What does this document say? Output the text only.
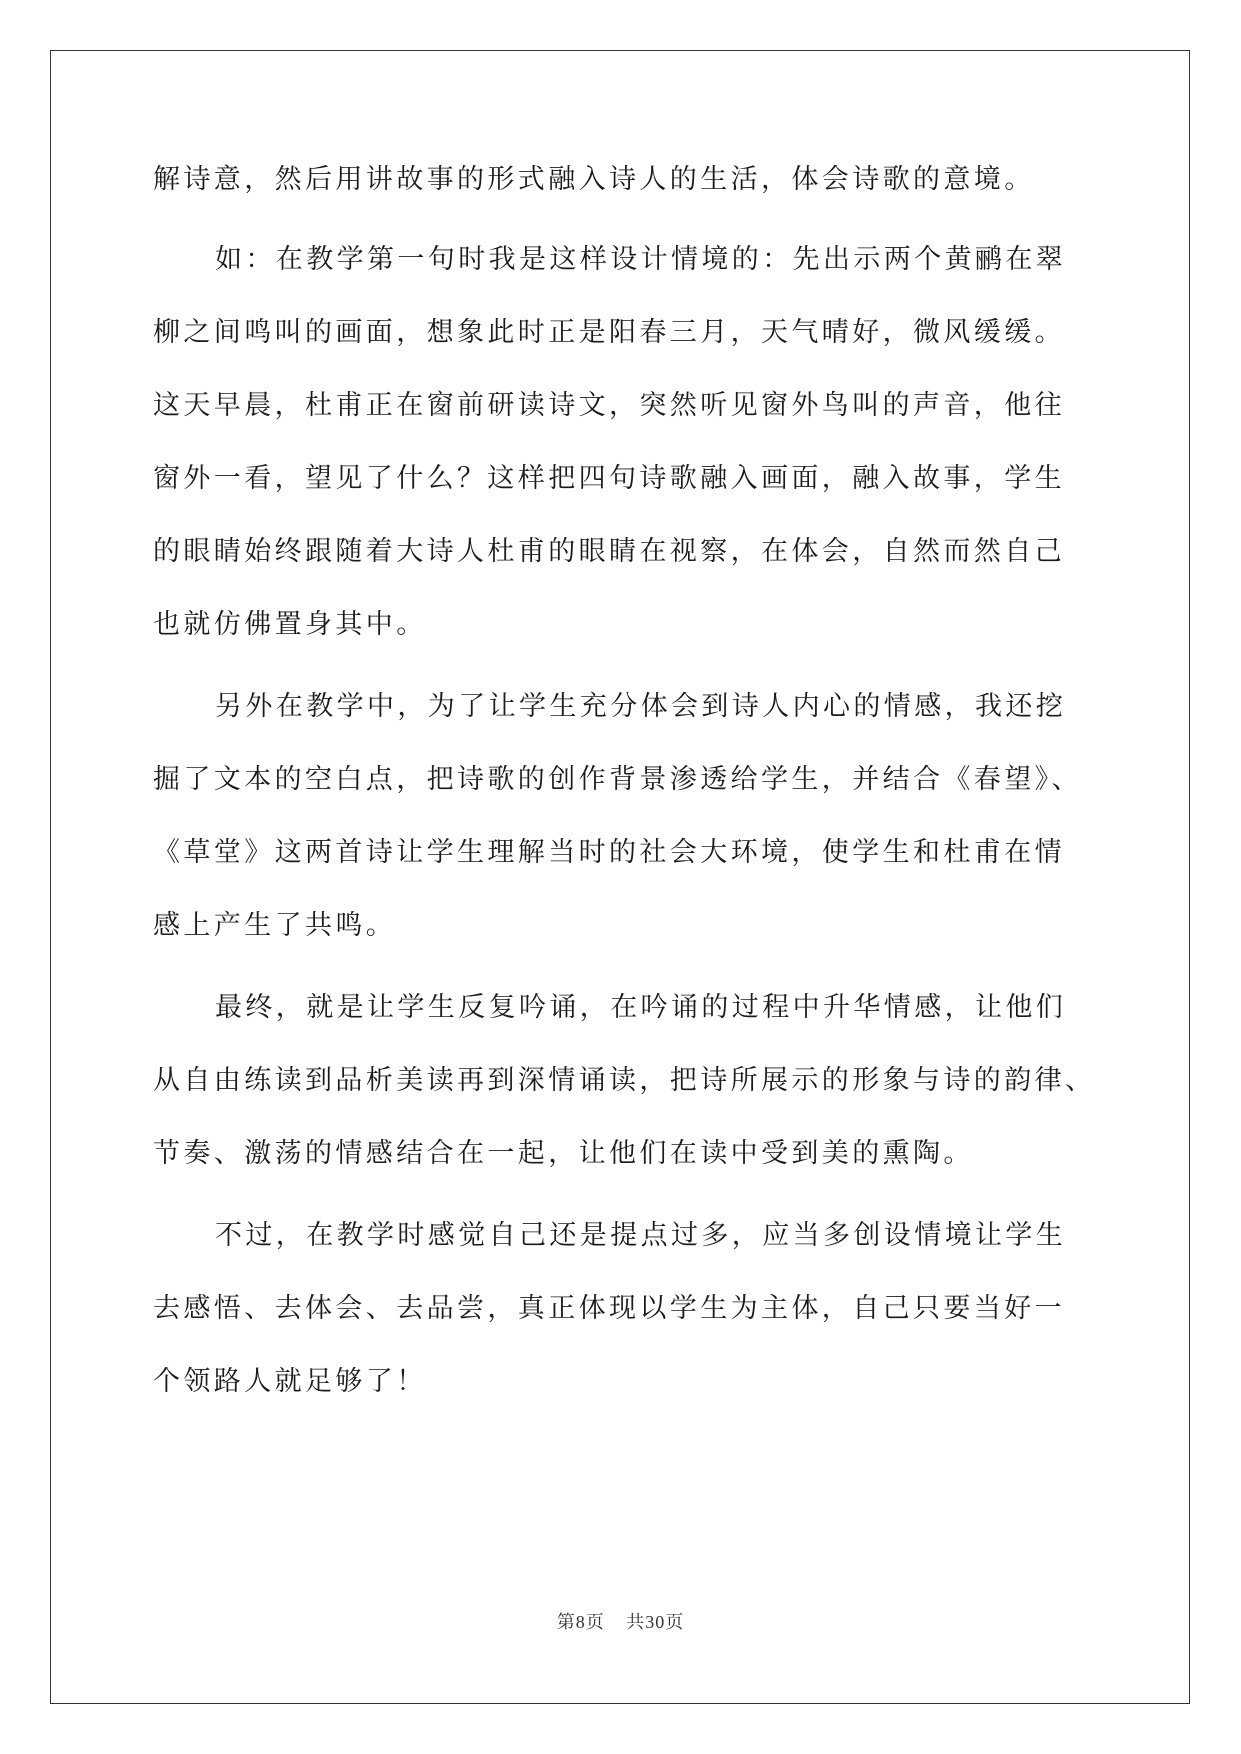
解诗意，然后用讲故事的形式融入诗人的生活，体会诗歌的意境。
如：在教学第一句时我是这样设计情境的：先出示两个黄鹂在翠
柳之间鸣叫的画面，想象此时正是阳春三月，天气晴好，微风缓缓。
这天早晨，杜甫正在窗前研读诗文，突然听见窗外鸟叫的声音，他往
窗外一看，望见了什么？这样把四句诗歌融入画面，融入故事，学生
的眼睛始终跟随着大诗人杜甫的眼睛在视察，在体会，自然而然自己
也就仿佛置身其中。
另外在教学中，为了让学生充分体会到诗人内心的情感，我还挖
掘了文本的空白点，把诗歌的创作背景渗透给学生，并结合《春望》、
《草堂》这两首诗让学生理解当时的社会大环境，使学生和杜甫在情
感上产生了共鸣。
最终，就是让学生反复吟诵，在吟诵的过程中升华情感，让他们
从自由练读到品析美读再到深情诵读，把诗所展示的形象与诗的韵律、
节奏、激荡的情感结合在一起，让他们在读中受到美的熏陶。
不过，在教学时感觉自己还是提点过多，应当多创设情境让学生
去感悟、去体会、去品尝，真正体现以学生为主体，自己只要当好一
个领路人就足够了！
第8页 共30页
